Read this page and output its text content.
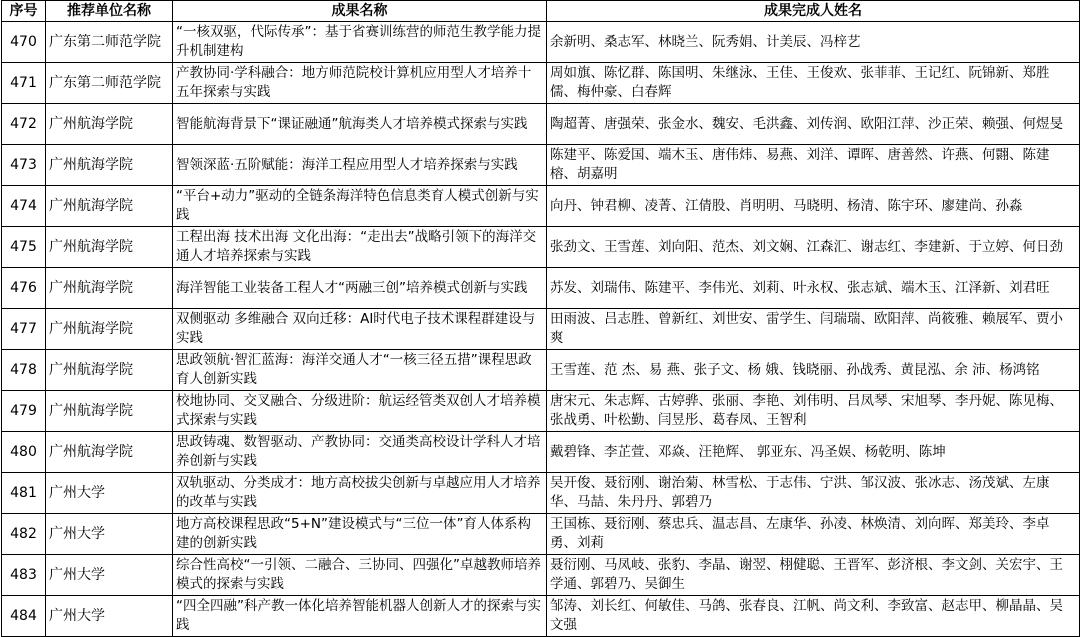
序号	推荐单位名称	成果名称	成果完成人姓名
470	广东第二师范学院	“一核双驱，代际传承”：基于省赛训练营的师范生教学能力提升机制建构	余新明、桑志军、林晓兰、阮秀娟、计美辰、冯梓艺
471	广东第二师范学院	产教协同·学科融合：地方师范院校计算机应用型人才培养十五年探索与实践	周如旗、陈忆群、陈国明、朱继泳、王佳、王俊欢、张菲菲、王记红、阮锦新、郑胜儒、梅仲豪、白春辉
472	广州航海学院	智能航海背景下“课证融通”航海类人才培养模式探索与实践	陶超菁、唐强荣、张金水、魏安、毛洪鑫、刘传润、欧阳江萍、沙正荣、赖强、何煜旻
473	广州航海学院	智领深蓝·五阶赋能：海洋工程应用型人才培养探索与实践	陈建平、陈爱国、端木玉、唐伟炜、易燕、刘洋、谭晖、唐善然、许燕、何翾、陈建榕、胡嘉明
474	广州航海学院	“平台+动力”驱动的全链条海洋特色信息类育人模式创新与实践	向丹、钟君柳、凌菁、江倩股、肖明明、马晓明、杨清、陈宇环、廖建尚、孙淼
475	广州航海学院	工程出海 技术出海 文化出海：“走出去”战略引领下的海洋交通人才培养探索与实践	张劲文、王雪莲、刘向阳、范杰、刘文娴、江森汇、谢志红、李建新、于立婷、何日劲
476	广州航海学院	海洋智能工业装备工程人才“两融三创”培养模式创新与实践	苏发、刘瑞伟、陈建平、李伟光、刘莉、叶永权、张志斌、端木玉、江泽新、刘君旺
477	广州航海学院	双侧驱动 多维融合 双向迁移：AI时代电子技术课程群建设与实践	田雨波、吕志胜、曾新红、刘世安、雷学生、闫瑞瑞、欧阳萍、尚筱雅、赖展军、贾小爽
478	广州航海学院	思政领航·智汇蓝海：海洋交通人才“一核三径五措”课程思政育人创新实践	王雪莲、范 杰、易 燕、张子文、杨 娥、钱晓丽、孙战秀、黄昆泓、余 沛、杨鸿铭
479	广州航海学院	校地协同、交叉融合、分级进阶：航运经管类双创人才培养模式探索与实践	唐宋元、朱志辉、古婷骅、张丽、李艳、刘伟明、吕凤琴、宋旭琴、李丹妮、陈见梅、张战勇、叶松勤、闫昱彤、葛春凤、王智利
480	广州航海学院	思政铸魂、数智驱动、产教协同：交通类高校设计学科人才培养创新与实践	戴碧锋、李芷萱、邓焱、汪艳辉、 郭亚东、冯圣娱、杨乾明、陈坤
481	广州大学	双轨驱动、分类成才：地方高校拔尖创新与卓越应用人才培养的改革与实践	吴开俊、聂衍刚、谢治菊、林雪松、于志伟、宁洪、邹汉波、张冰志、汤茂斌、左康华、马喆、朱丹丹、郭碧乃
482	广州大学	地方高校课程思政“5+N”建设模式与“三位一体”育人体系构建的创新实践	王国栋、聂衍刚、蔡忠兵、温志昌、左康华、孙凌、林焕清、刘向晖、郑美玲、李卓勇、刘莉
483	广州大学	综合性高校“一引领、二融合、三协同、四强化”卓越教师培养模式的探索与实践	聂衍刚、马凤岐、张豹、李晶、谢翌、栩健聪、王晋军、彭济根、李文剑、关宏宇、王学通、郭碧乃、吴御生
484	广州大学	“四全四融”科产教一体化培养智能机器人创新人才的探索与实践	邹涛、刘长红、何敏佳、马鸽、张春良、江帆、尚文利、李致富、赵志甲、柳晶晶、吴文强
